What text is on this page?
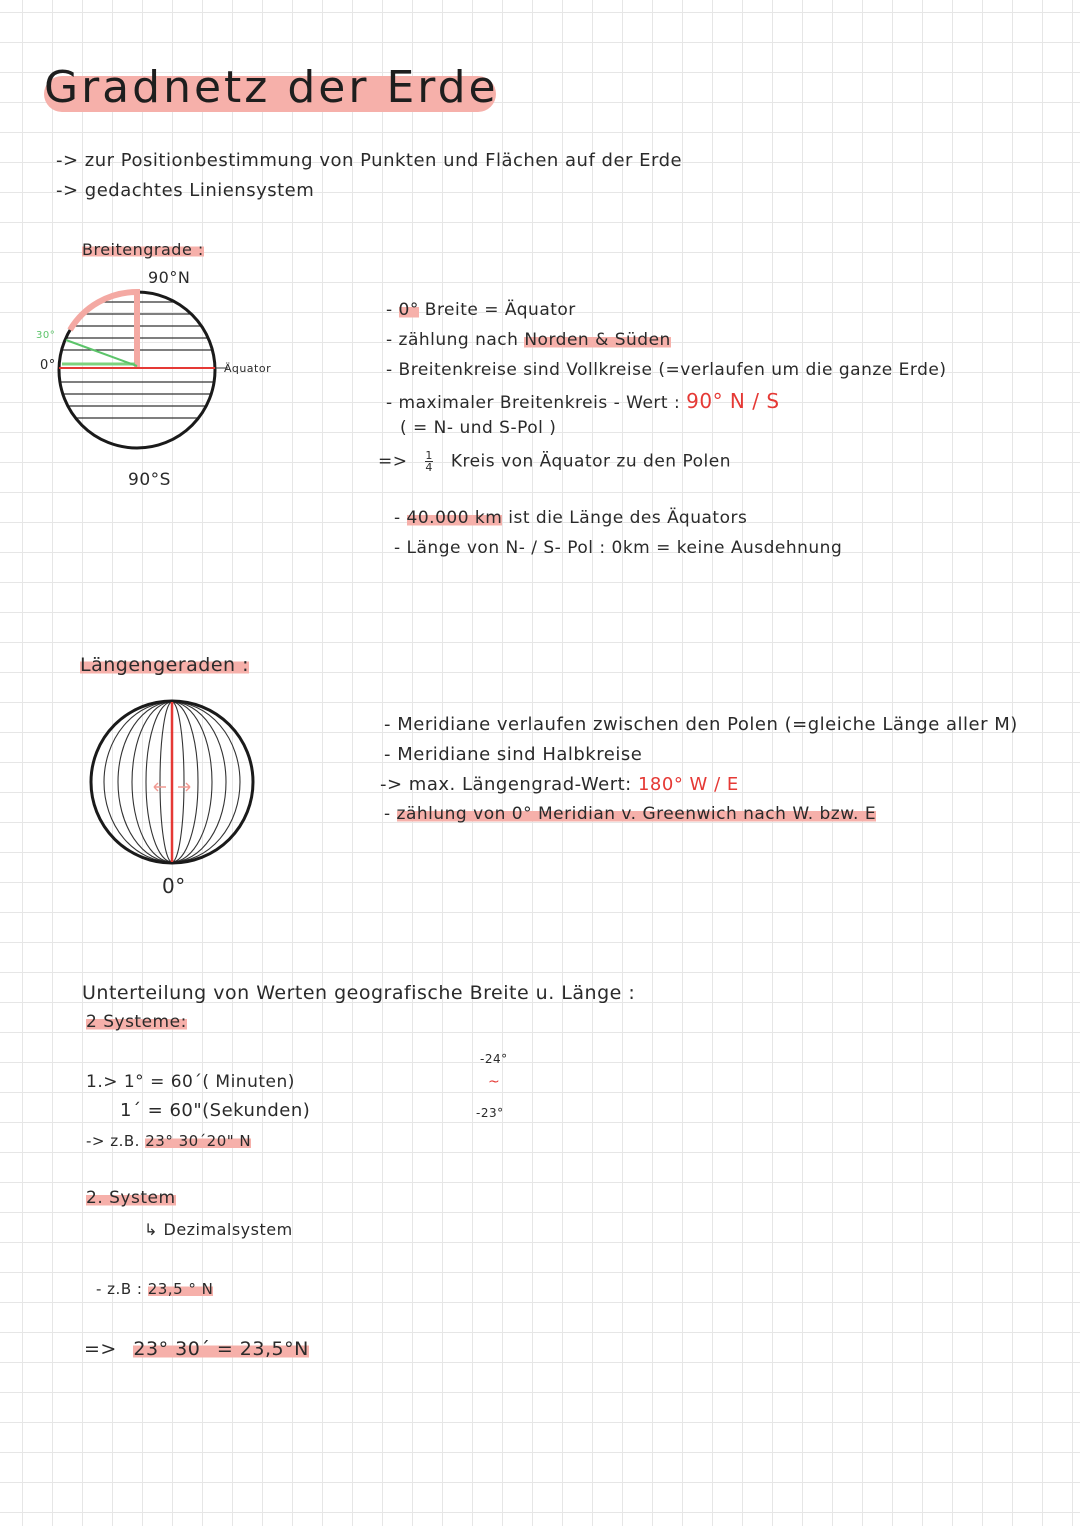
Gradnetz der Erde
-> zur Positionbestimmung von Punkten und Flächen auf der Erde
-> gedachtes Liniensystem
Breitengrade :
90°N
90°S
0°
30°
Äquator
- 0° Breite = Äquator
- zählung nach Norden & Süden
- Breitenkreise sind Vollkreise (=verlaufen um die ganze Erde)
- maximaler Breitenkreis - Wert : 90° N / S
( = N- und S-Pol )
=> $\frac{1}{4}$ Kreis von Äquator zu den Polen
- 40.000 km ist die Länge des Äquators
- Länge von N- / S- Pol : 0km = keine Ausdehnung
Längengeraden :
0°
- Meridiane verlaufen zwischen den Polen (=gleiche Länge aller M)
- Meridiane sind Halbkreise
-> max. Längengrad-Wert: 180° W / E
- zählung von 0° Meridian v. Greenwich nach W. bzw. E
Unterteilung von Werten geografische Breite u. Länge :
2 Systeme:
-24°
~
-23°
1.> 1° = 60´( Minuten)
1´ = 60"(Sekunden)
-> z.B. 23° 30´20" N
2. System
↳ Dezimalsystem
- z.B : 23,5 ° N
=> 23° 30´ = 23,5°N
